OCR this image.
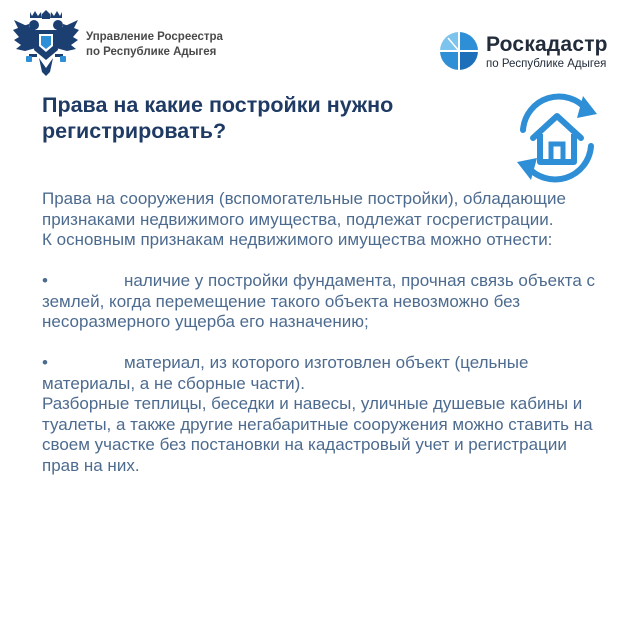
Управление Росреестра
по Республике Адыгея	Роскадастр
по Республике Адыгея
Права на какие постройки нужно регистрировать?

Права на сооружения (вспомогательные постройки), обладающие признаками недвижимого имущества, подлежат госрегистрации.

К основным признакам недвижимого имущества можно отнести:

•	наличие у постройки фундамента, прочная связь объекта с землей, когда перемещение такого объекта невозможно без несоразмерного ущерба его назначению;

•	материал, из которого изготовлен объект (цельные материалы, а не сборные части).

Разборные теплицы, беседки и навесы, уличные душевые кабины и туалеты, а также другие негабаритные сооружения можно ставить на своем участке без постановки на кадастровый учет и регистрации прав на них.
